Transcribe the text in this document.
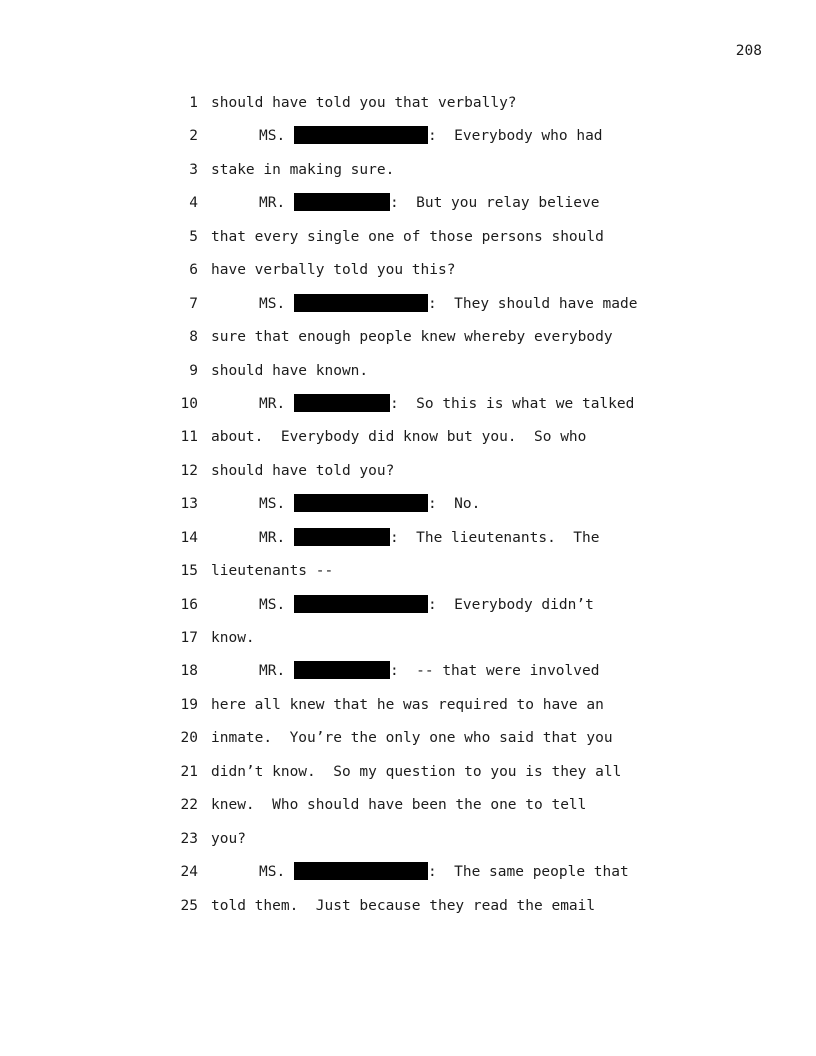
208
1 should have told you that verbally?
2	MS.	:  Everybody who had
3 stake in making sure.
4	MR.	:  But you relay believe
5 that every single one of those persons should
6 have verbally told you this?
7	MS.	:  They should have made
8 sure that enough people knew whereby everybody
9 should have known.
10	MR.	:  So this is what we talked
11 about.  Everybody did know but you.  So who
12 should have told you?
13	MS.	:  No.
14	MR.	:  The lieutenants.  The
15 lieutenants --
16	MS.	:  Everybody didn’t
17 know.
18	MR.	:  -- that were involved
19 here all knew that he was required to have an
20 inmate.  You’re the only one who said that you
21 didn’t know.  So my question to you is they all
22 knew.  Who should have been the one to tell
23 you?
24	MS.	:  The same people that
25 told them.  Just because they read the email
